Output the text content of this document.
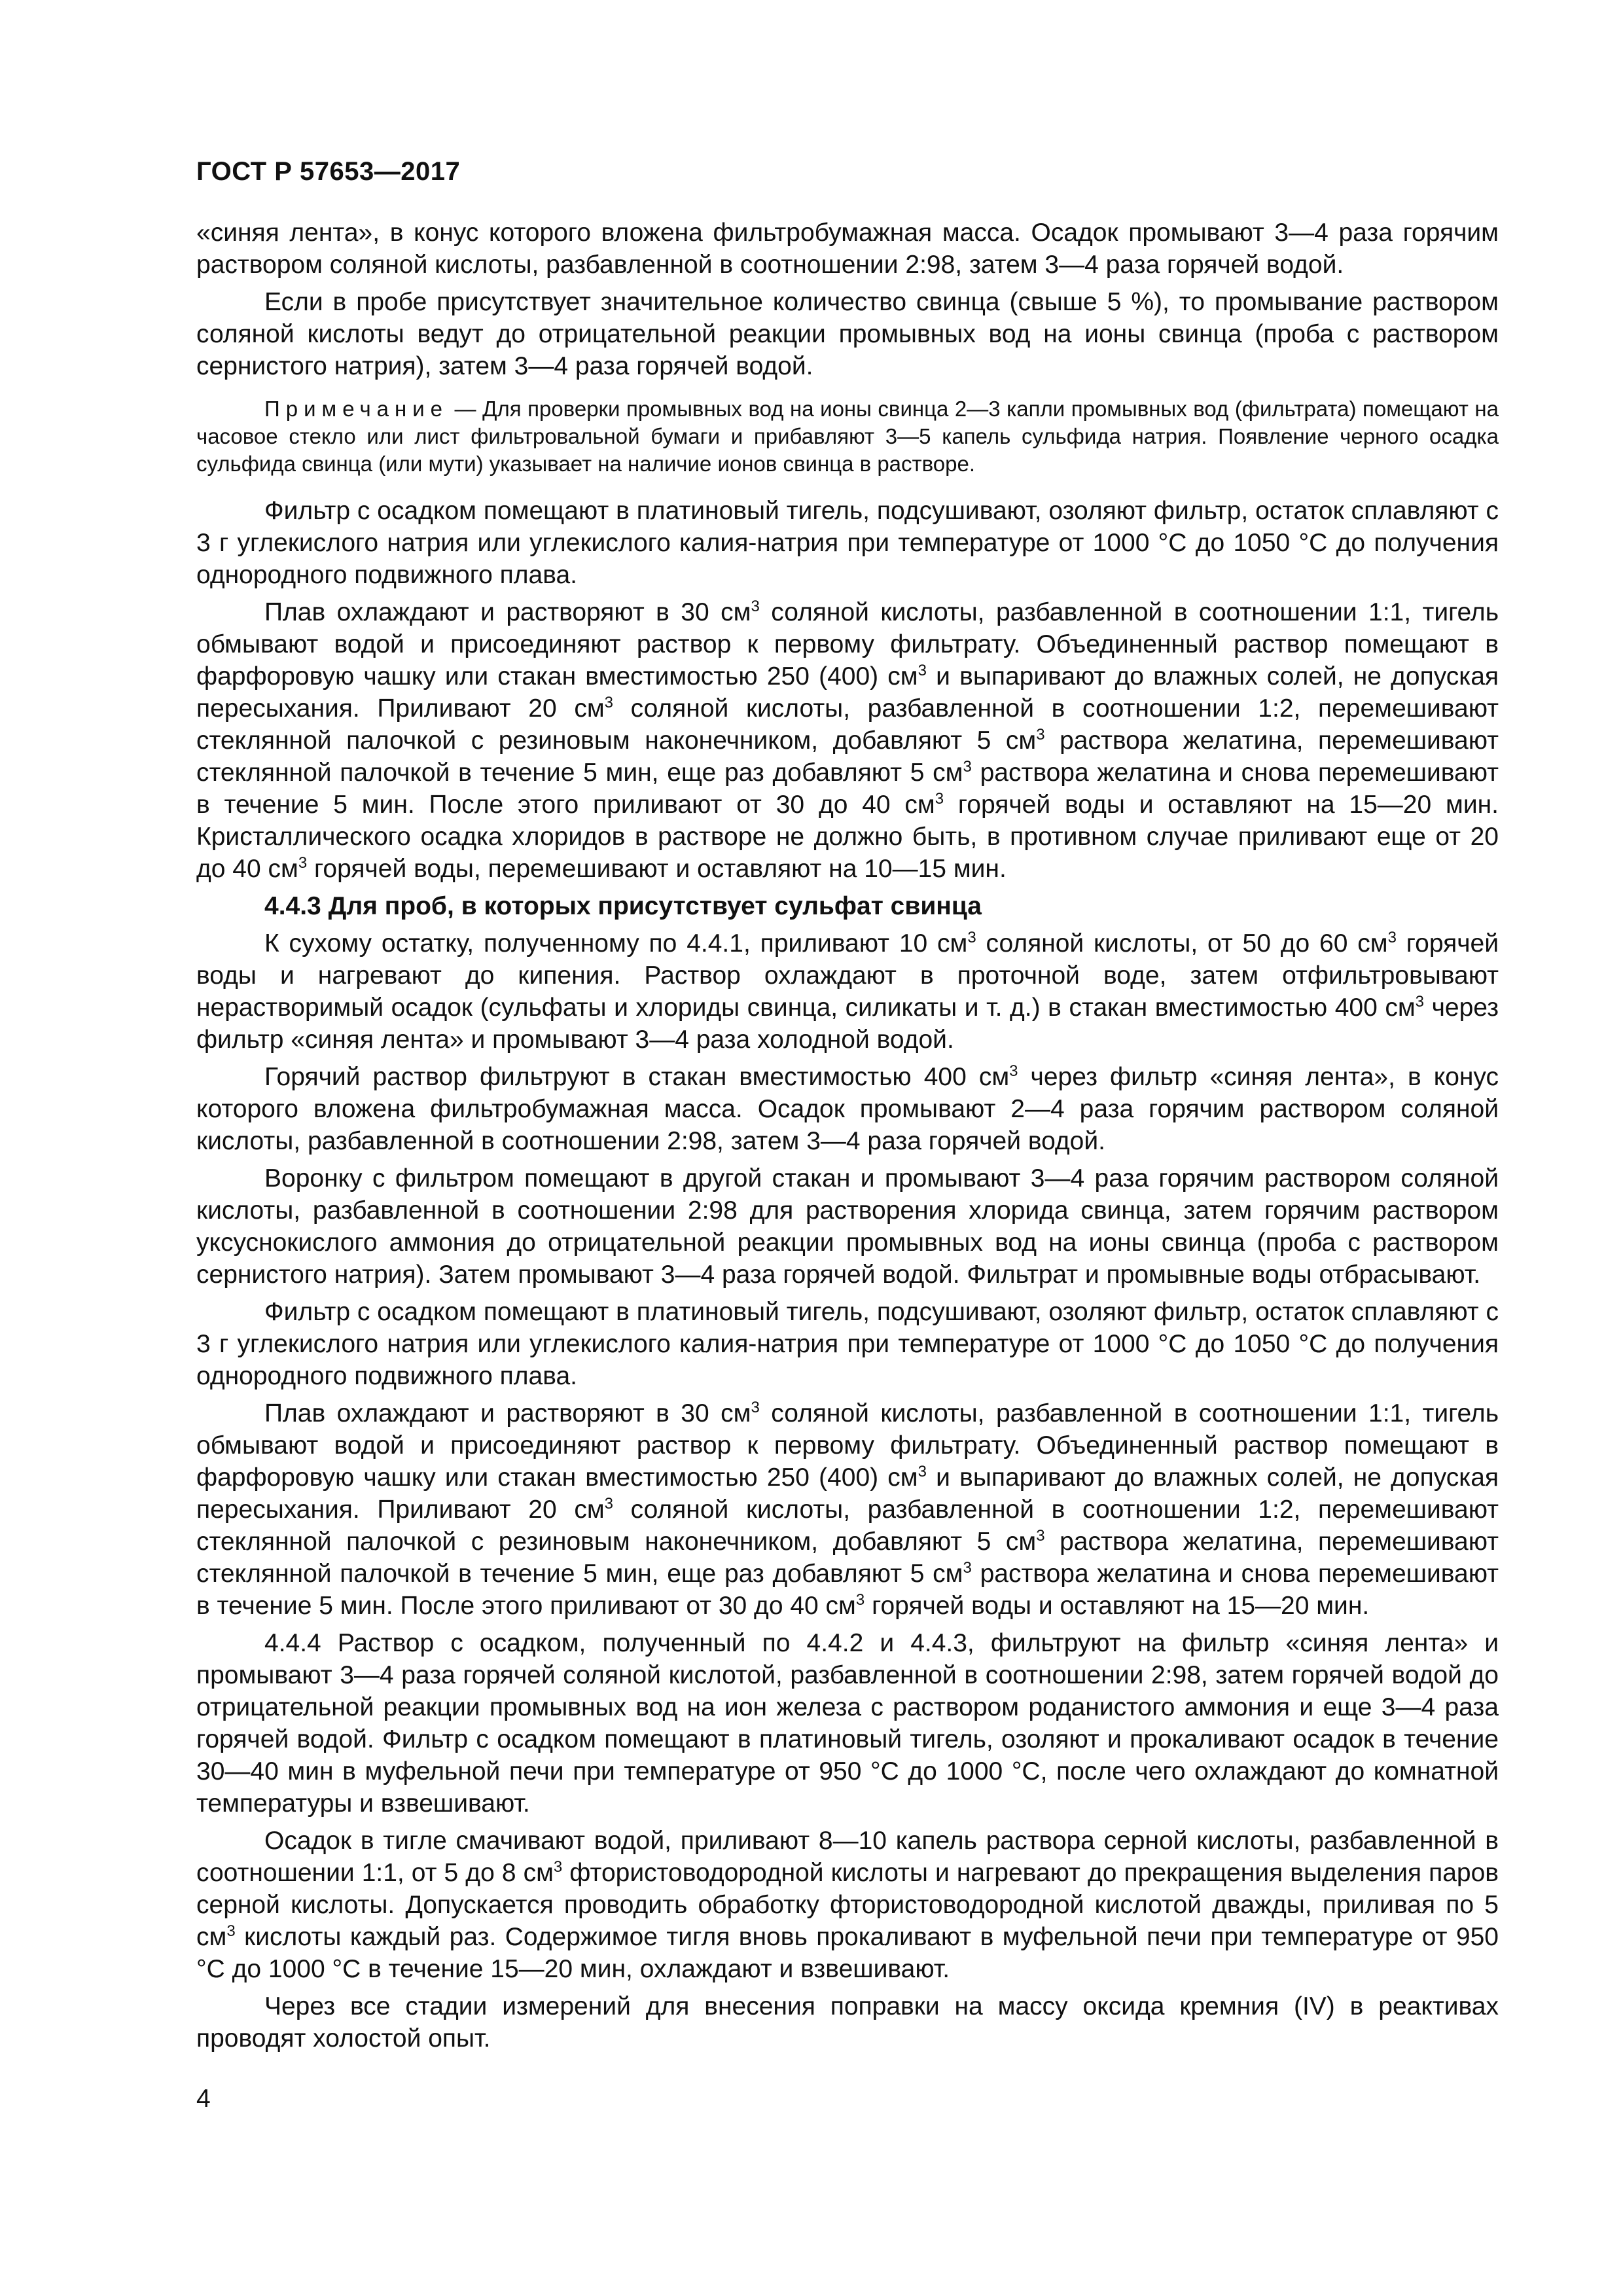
ГОСТ Р 57653—2017
«синяя лента», в конус которого вложена фильтробумажная масса. Осадок промывают 3—4 раза горячим раствором соляной кислоты, разбавленной в соотношении 2:98, затем 3—4 раза горячей водой.
Если в пробе присутствует значительное количество свинца (свыше 5 %), то промывание раствором соляной кислоты ведут до отрицательной реакции промывных вод на ионы свинца (проба с раствором сернистого натрия), затем 3—4 раза горячей водой.
Примечание — Для проверки промывных вод на ионы свинца 2—3 капли промывных вод (фильтрата) помещают на часовое стекло или лист фильтровальной бумаги и прибавляют 3—5 капель сульфида натрия. Появление черного осадка сульфида свинца (или мути) указывает на наличие ионов свинца в растворе.
Фильтр с осадком помещают в платиновый тигель, подсушивают, озоляют фильтр, остаток сплавляют с 3 г углекислого натрия или углекислого калия-натрия при температуре от 1000 °С до 1050 °С до получения однородного подвижного плава.
Плав охлаждают и растворяют в 30 $см^3$ соляной кислоты, разбавленной в соотношении 1:1, тигель обмывают водой и присоединяют раствор к первому фильтрату. Объединенный раствор помещают в фарфоровую чашку или стакан вместимостью 250 (400) $см^3$ и выпаривают до влажных солей, не допуская пересыхания. Приливают 20 $см^3$ соляной кислоты, разбавленной в соотношении 1:2, перемешивают стеклянной палочкой с резиновым наконечником, добавляют 5 $см^3$ раствора желатина, перемешивают стеклянной палочкой в течение 5 мин, еще раз добавляют 5 $см^3$ раствора желатина и снова перемешивают в течение 5 мин. После этого приливают от 30 до 40 $см^3$ горячей воды и оставляют на 15—20 мин. Кристаллического осадка хлоридов в растворе не должно быть, в противном случае приливают еще от 20 до 40 $см^3$ горячей воды, перемешивают и оставляют на 10—15 мин.
4.4.3 Для проб, в которых присутствует сульфат свинца
К сухому остатку, полученному по 4.4.1, приливают 10 $см^3$ соляной кислоты, от 50 до 60 $см^3$ горячей воды и нагревают до кипения. Раствор охлаждают в проточной воде, затем отфильтровывают нерастворимый осадок (сульфаты и хлориды свинца, силикаты и т. д.) в стакан вместимостью 400 $см^3$ через фильтр «синяя лента» и промывают 3—4 раза холодной водой.
Горячий раствор фильтруют в стакан вместимостью 400 $см^3$ через фильтр «синяя лента», в конус которого вложена фильтробумажная масса. Осадок промывают 2—4 раза горячим раствором соляной кислоты, разбавленной в соотношении 2:98, затем 3—4 раза горячей водой.
Воронку с фильтром помещают в другой стакан и промывают 3—4 раза горячим раствором соляной кислоты, разбавленной в соотношении 2:98 для растворения хлорида свинца, затем горячим раствором уксуснокислого аммония до отрицательной реакции промывных вод на ионы свинца (проба с раствором сернистого натрия). Затем промывают 3—4 раза горячей водой. Фильтрат и промывные воды отбрасывают.
Фильтр с осадком помещают в платиновый тигель, подсушивают, озоляют фильтр, остаток сплавляют с 3 г углекислого натрия или углекислого калия-натрия при температуре от 1000 °С до 1050 °С до получения однородного подвижного плава.
Плав охлаждают и растворяют в 30 $см^3$ соляной кислоты, разбавленной в соотношении 1:1, тигель обмывают водой и присоединяют раствор к первому фильтрату. Объединенный раствор помещают в фарфоровую чашку или стакан вместимостью 250 (400) $см^3$ и выпаривают до влажных солей, не допуская пересыхания. Приливают 20 $см^3$ соляной кислоты, разбавленной в соотношении 1:2, перемешивают стеклянной палочкой с резиновым наконечником, добавляют 5 $см^3$ раствора желатина, перемешивают стеклянной палочкой в течение 5 мин, еще раз добавляют 5 $см^3$ раствора желатина и снова перемешивают в течение 5 мин. После этого приливают от 30 до 40 $см^3$ горячей воды и оставляют на 15—20 мин.
4.4.4 Раствор с осадком, полученный по 4.4.2 и 4.4.3, фильтруют на фильтр «синяя лента» и промывают 3—4 раза горячей соляной кислотой, разбавленной в соотношении 2:98, затем горячей водой до отрицательной реакции промывных вод на ион железа с раствором роданистого аммония и еще 3—4 раза горячей водой. Фильтр с осадком помещают в платиновый тигель, озоляют и прокаливают осадок в течение 30—40 мин в муфельной печи при температуре от 950 °С до 1000 °С, после чего охлаждают до комнатной температуры и взвешивают.
Осадок в тигле смачивают водой, приливают 8—10 капель раствора серной кислоты, разбавленной в соотношении 1:1, от 5 до 8 $см^3$ фтористоводородной кислоты и нагревают до прекращения выделения паров серной кислоты. Допускается проводить обработку фтористоводородной кислотой дважды, приливая по 5 $см^3$ кислоты каждый раз. Содержимое тигля вновь прокаливают в муфельной печи при температуре от 950 °С до 1000 °С в течение 15—20 мин, охлаждают и взвешивают.
Через все стадии измерений для внесения поправки на массу оксида кремния (IV) в реактивах проводят холостой опыт.
4
